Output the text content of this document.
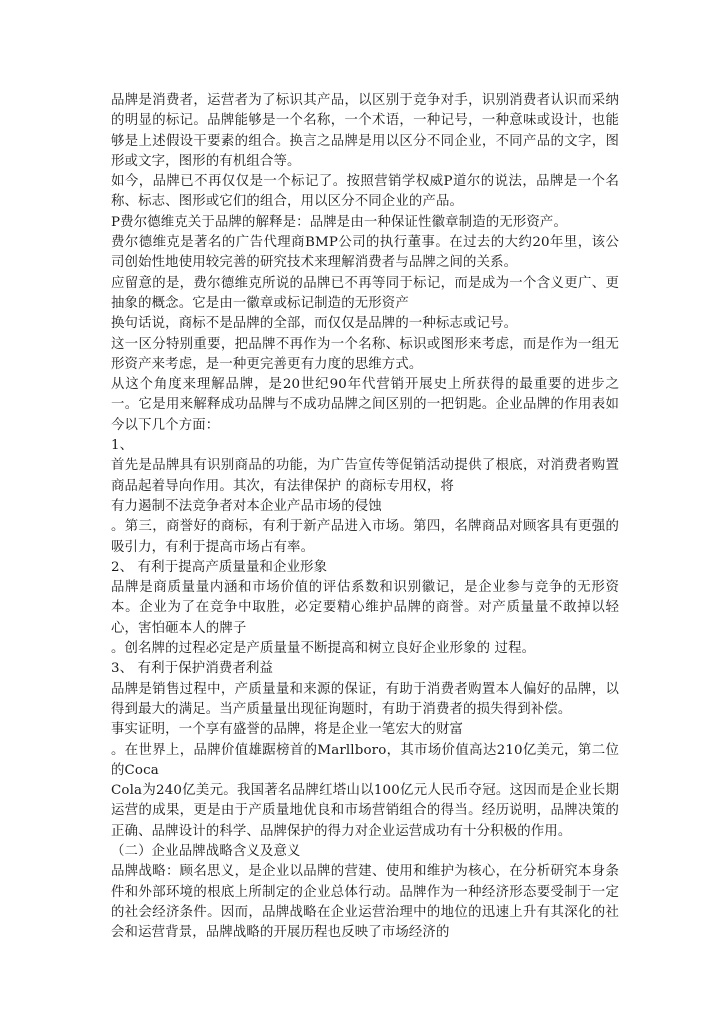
品牌是消费者，运营者为了标识其产品，以区别于竞争对手，识别消费者认识而采纳的明显的标记。品牌能够是一个名称，一个术语，一种记号，一种意味或设计，也能够是上述假设干要素的组合。换言之品牌是用以区分不同企业，不同产品的文字，图形或文字，图形的有机组合等。

如今，品牌已不再仅仅是一个标记了。按照营销学权威P道尔的说法，品牌是一个名称、标志、图形或它们的组合，用以区分不同企业的产品。

P费尔德维克关于品牌的解释是：品牌是由一种保证性徽章制造的无形资产。

费尔德维克是著名的广告代理商BMP公司的执行董事。在过去的大约20年里，该公司创始性地使用较完善的研究技术来理解消费者与品牌之间的关系。

应留意的是，费尔德维克所说的品牌已不再等同于标记，而是成为一个含义更广、更抽象的概念。它是由一徽章或标记制造的无形资产

换句话说，商标不是品牌的全部，而仅仅是品牌的一种标志或记号。

这一区分特别重要，把品牌不再作为一个名称、标识或图形来考虑，而是作为一组无形资产来考虑，是一种更完善更有力度的思维方式。

从这个角度来理解品牌，是20世纪90年代营销开展史上所获得的最重要的进步之一。它是用来解释成功品牌与不成功品牌之间区别的一把钥匙。企业品牌的作用表如今以下几个方面：

1、

首先是品牌具有识别商品的功能，为广告宣传等促销活动提供了根底，对消费者购置商品起着导向作用。其次，有法律保护 的商标专用权，将

有力遏制不法竞争者对本企业产品市场的侵蚀

。第三，商誉好的商标，有利于新产品进入市场。第四，名牌商品对顾客具有更强的吸引力，有利于提高市场占有率。

2、 有利于提高产质量量和企业形象

品牌是商质量量内涵和市场价值的评估系数和识别徽记，是企业参与竞争的无形资本。企业为了在竞争中取胜，必定要精心维护品牌的商誉。对产质量量不敢掉以轻心，害怕砸本人的牌子

。创名牌的过程必定是产质量量不断提高和树立良好企业形象的 过程。

3、 有利于保护消费者利益

品牌是销售过程中，产质量量和来源的保证，有助于消费者购置本人偏好的品牌，以得到最大的满足。当产质量量出现征询题时，有助于消费者的损失得到补偿。

事实证明，一个享有盛誉的品牌，将是企业一笔宏大的财富

。在世界上，品牌价值雄踞榜首的Marllboro，其市场价值高达210亿美元，第二位的Coca

Cola为240亿美元。我国著名品牌红塔山以100亿元人民币夺冠。这因而是企业长期运营的成果，更是由于产质量地优良和市场营销组合的得当。经历说明，品牌决策的正确、品牌设计的科学、品牌保护的得力对企业运营成功有十分积极的作用。

（二）企业品牌战略含义及意义

品牌战略：顾名思义，是企业以品牌的营建、使用和维护为核心，在分析研究本身条件和外部环境的根底上所制定的企业总体行动。品牌作为一种经济形态要受制于一定的社会经济条件。因而，品牌战略在企业运营治理中的地位的迅速上升有其深化的社会和运营背景，品牌战略的开展历程也反映了市场经济的
